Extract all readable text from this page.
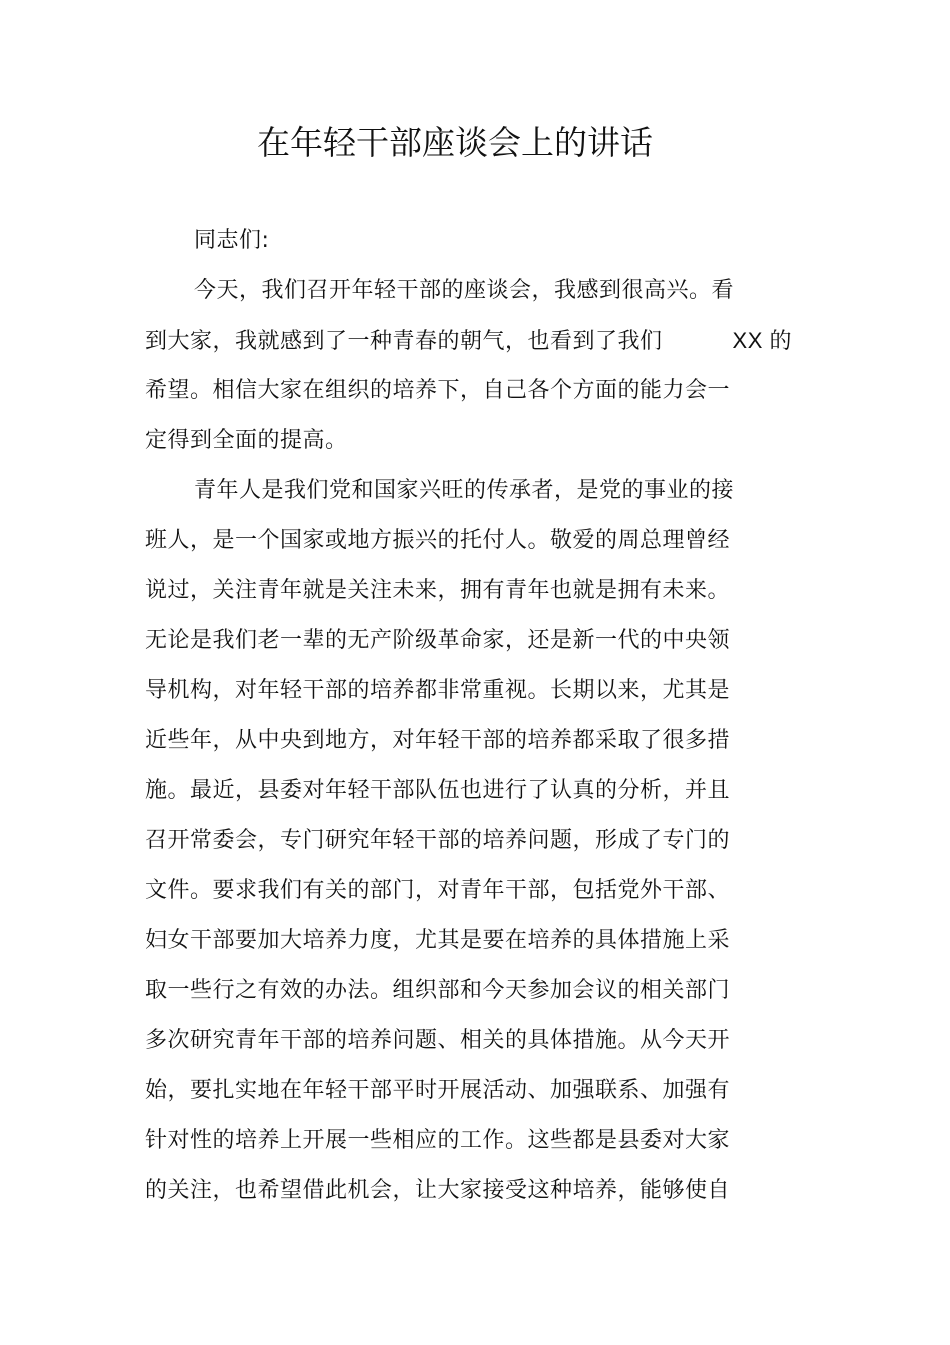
在年轻干部座谈会上的讲话
同志们:
今天，我们召开年轻干部的座谈会，我感到很高兴。看
到大家，我就感到了一种青春的朝气，也看到了我们	XX 的
希望。相信大家在组织的培养下，自己各个方面的能力会一
定得到全面的提高。
青年人是我们党和国家兴旺的传承者，是党的事业的接
班人，是一个国家或地方振兴的托付人。敬爱的周总理曾经
说过，关注青年就是关注未来，拥有青年也就是拥有未来。
无论是我们老一辈的无产阶级革命家，还是新一代的中央领
导机构，对年轻干部的培养都非常重视。长期以来，尤其是
近些年，从中央到地方，对年轻干部的培养都采取了很多措
施。最近，县委对年轻干部队伍也进行了认真的分析，并且
召开常委会，专门研究年轻干部的培养问题，形成了专门的
文件。要求我们有关的部门，对青年干部，包括党外干部、
妇女干部要加大培养力度，尤其是要在培养的具体措施上采
取一些行之有效的办法。组织部和今天参加会议的相关部门
多次研究青年干部的培养问题、相关的具体措施。从今天开
始，要扎实地在年轻干部平时开展活动、加强联系、加强有
针对性的培养上开展一些相应的工作。这些都是县委对大家
的关注，也希望借此机会，让大家接受这种培养，能够使自
